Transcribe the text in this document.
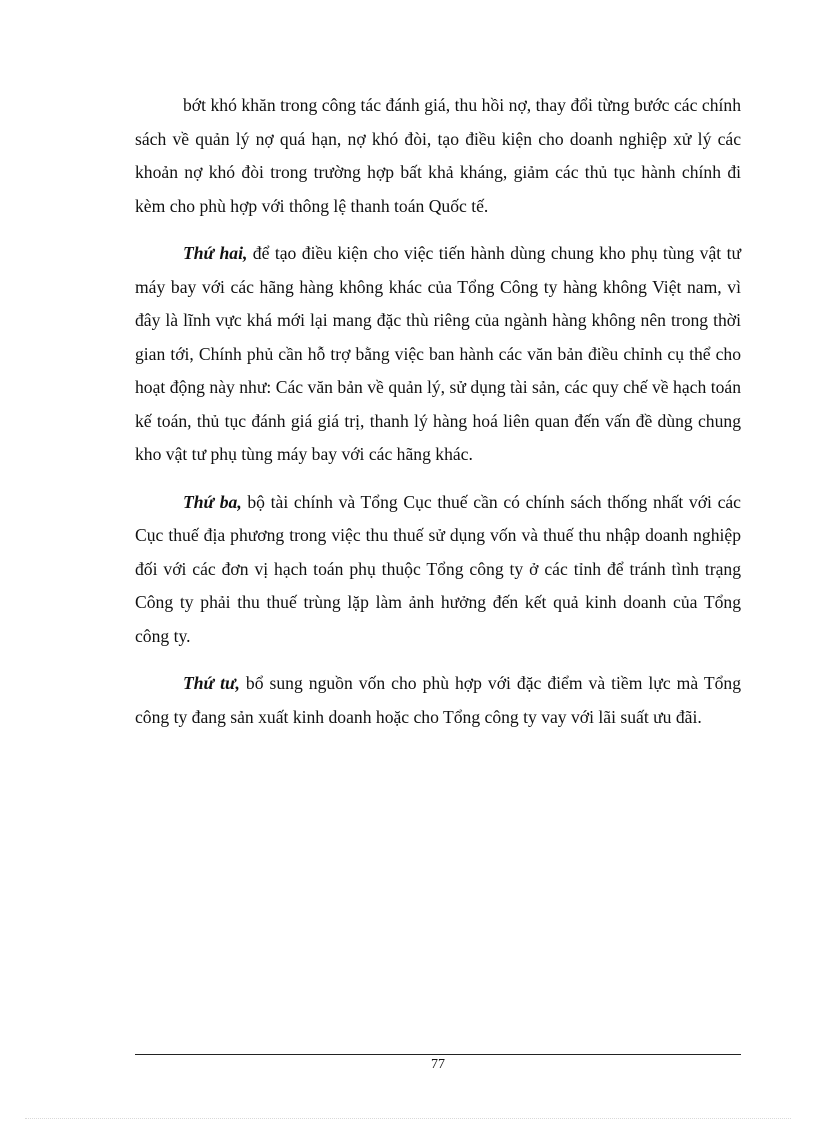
bớt khó khăn trong công tác đánh giá, thu hồi nợ, thay đổi từng bước các chính sách về quản lý nợ quá hạn, nợ khó đòi, tạo điều kiện cho doanh nghiệp xử lý các khoản nợ khó đòi trong trường hợp bất khả kháng, giảm các thủ tục hành chính đi kèm cho phù hợp với thông lệ thanh toán Quốc tế.

Thứ hai, để tạo điều kiện cho việc tiến hành dùng chung kho phụ tùng vật tư máy bay với các hãng hàng không khác của Tổng Công ty hàng không Việt nam, vì đây là lĩnh vực khá mới lại mang đặc thù riêng của ngành hàng không nên trong thời gian tới, Chính phủ cần hỗ trợ bằng việc ban hành các văn bản điều chỉnh cụ thể cho hoạt động này như: Các văn bản về quản lý, sử dụng tài sản, các quy chế về hạch toán kế toán, thủ tục đánh giá giá trị, thanh lý hàng hoá liên quan đến vấn đề dùng chung kho vật tư phụ tùng máy bay với các hãng khác.

Thứ ba, bộ tài chính và Tổng Cục thuế cần có chính sách thống nhất với các Cục thuế địa phương trong việc thu thuế sử dụng vốn và thuế thu nhập doanh nghiệp đối với các đơn vị hạch toán phụ thuộc Tổng công ty ở các tỉnh để tránh tình trạng Công ty phải thu thuế trùng lặp làm ảnh hưởng đến kết quả kinh doanh của Tổng công ty.

Thứ tư, bổ sung nguồn vốn cho phù hợp với đặc điểm và tiềm lực mà Tổng công ty đang sản xuất kinh doanh hoặc cho Tổng công ty vay với lãi suất ưu đãi.

77
